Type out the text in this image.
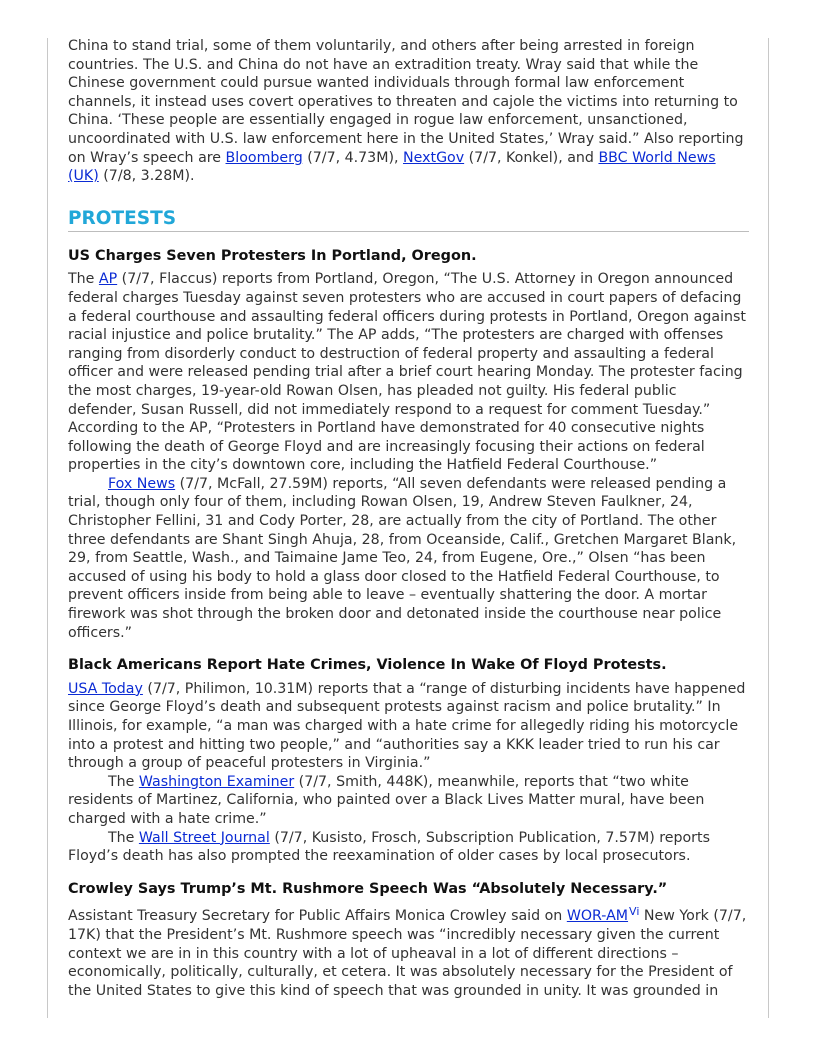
China to stand trial, some of them voluntarily, and others after being arrested in foreign countries. The U.S. and China do not have an extradition treaty. Wray said that while the Chinese government could pursue wanted individuals through formal law enforcement channels, it instead uses covert operatives to threaten and cajole the victims into returning to China. ‘These people are essentially engaged in rogue law enforcement, unsanctioned, uncoordinated with U.S. law enforcement here in the United States,’ Wray said.” Also reporting on Wray’s speech are Bloomberg (7/7, 4.73M), NextGov (7/7, Konkel), and BBC World News (UK) (7/8, 3.28M).

PROTESTS
US Charges Seven Protesters In Portland, Oregon.

The AP (7/7, Flaccus) reports from Portland, Oregon, “The U.S. Attorney in Oregon announced federal charges Tuesday against seven protesters who are accused in court papers of defacing a federal courthouse and assaulting federal officers during protests in Portland, Oregon against racial injustice and police brutality.” The AP adds, “The protesters are charged with offenses ranging from disorderly conduct to destruction of federal property and assaulting a federal officer and were released pending trial after a brief court hearing Monday. The protester facing the most charges, 19-year-old Rowan Olsen, has pleaded not guilty. His federal public defender, Susan Russell, did not immediately respond to a request for comment Tuesday.” According to the AP, “Protesters in Portland have demonstrated for 40 consecutive nights following the death of George Floyd and are increasingly focusing their actions on federal properties in the city’s downtown core, including the Hatfield Federal Courthouse.”

Fox News (7/7, McFall, 27.59M) reports, “All seven defendants were released pending a trial, though only four of them, including Rowan Olsen, 19, Andrew Steven Faulkner, 24, Christopher Fellini, 31 and Cody Porter, 28, are actually from the city of Portland. The other three defendants are Shant Singh Ahuja, 28, from Oceanside, Calif., Gretchen Margaret Blank, 29, from Seattle, Wash., and Taimaine Jame Teo, 24, from Eugene, Ore.,” Olsen “has been accused of using his body to hold a glass door closed to the Hatfield Federal Courthouse, to prevent officers inside from being able to leave – eventually shattering the door. A mortar firework was shot through the broken door and detonated inside the courthouse near police officers.”

Black Americans Report Hate Crimes, Violence In Wake Of Floyd Protests.

USA Today (7/7, Philimon, 10.31M) reports that a “range of disturbing incidents have happened since George Floyd’s death and subsequent protests against racism and police brutality.” In Illinois, for example, “a man was charged with a hate crime for allegedly riding his motorcycle into a protest and hitting two people,” and “authorities say a KKK leader tried to run his car through a group of peaceful protesters in Virginia.”

The Washington Examiner (7/7, Smith, 448K), meanwhile, reports that “two white residents of Martinez, California, who painted over a Black Lives Matter mural, have been charged with a hate crime.”

The Wall Street Journal (7/7, Kusisto, Frosch, Subscription Publication, 7.57M) reports Floyd’s death has also prompted the reexamination of older cases by local prosecutors.

Crowley Says Trump’s Mt. Rushmore Speech Was “Absolutely Necessary.”

Assistant Treasury Secretary for Public Affairs Monica Crowley said on WOR-$AM^{Vi}$ New York (7/7, 17K) that the President’s Mt. Rushmore speech was “incredibly necessary given the current context we are in in this country with a lot of upheaval in a lot of different directions – economically, politically, culturally, et cetera. It was absolutely necessary for the President of the United States to give this kind of speech that was grounded in unity. It was grounded in
